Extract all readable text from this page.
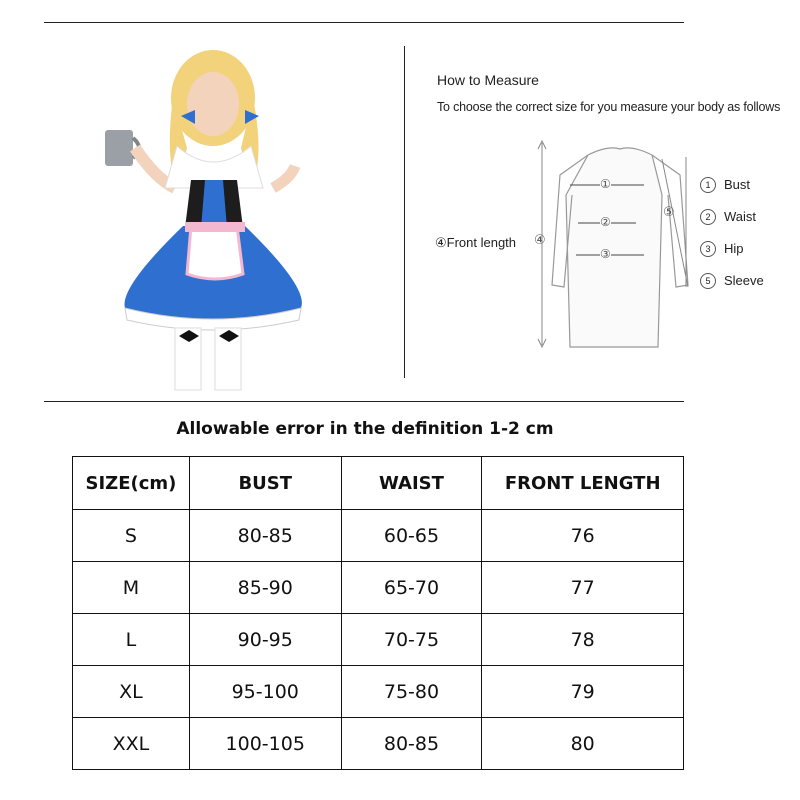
How to Measure
To choose the correct size for you measure your body as follows
④
⑤
①
②
③
④Front length
1 Bust
2 Waist
3 Hip
5 Sleeve
Allowable error in the definition 1-2 cm
SIZE(cm)	BUST	WAIST	FRONT LENGTH
S	80-85	60-65	76
M	85-90	65-70	77
L	90-95	70-75	78
XL	95-100	75-80	79
XXL	100-105	80-85	80
